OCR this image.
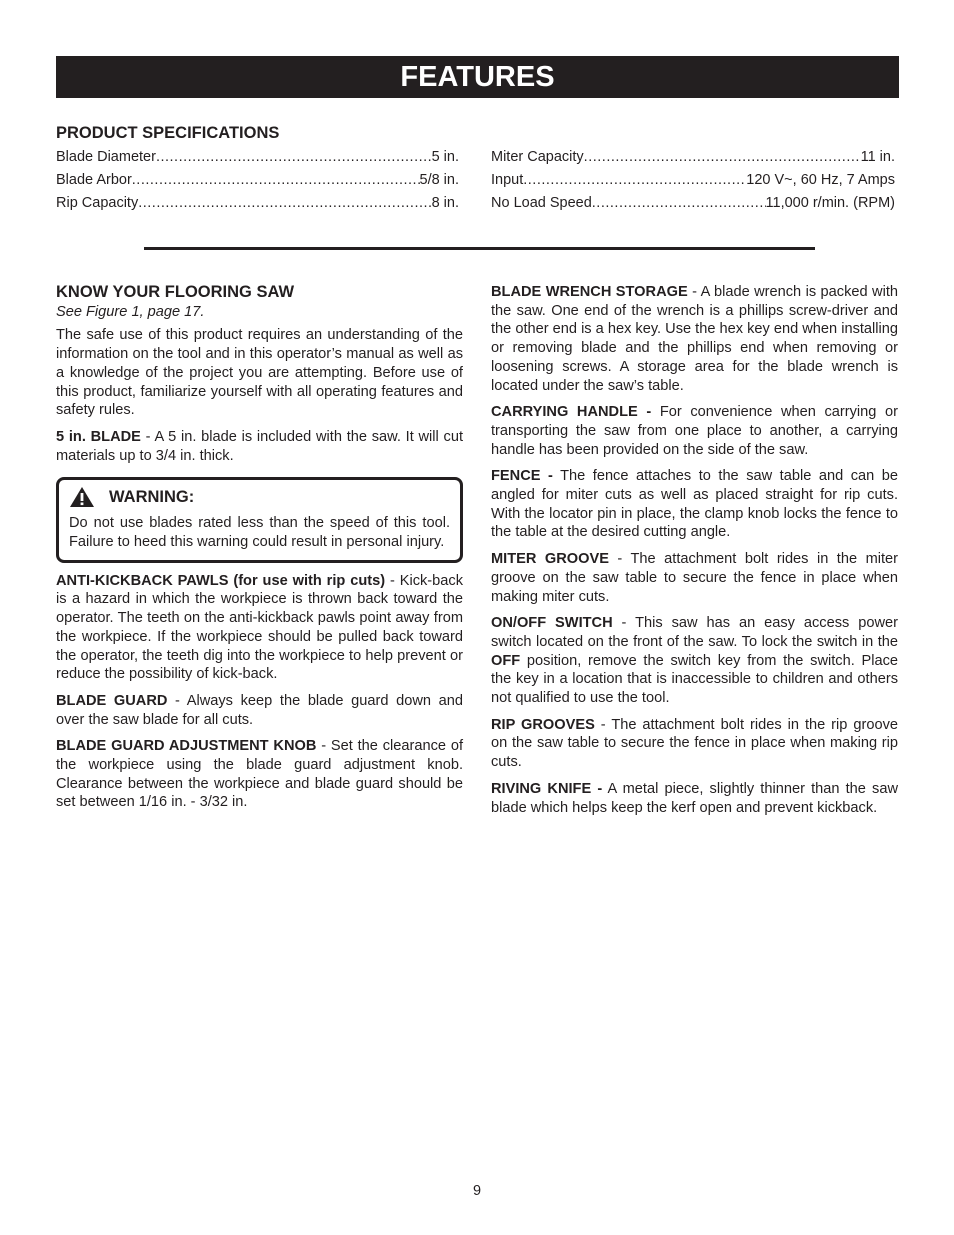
FEATURES
PRODUCT SPECIFICATIONS
Blade Diameter .....	5 in.
Blade Arbor .....	5/8 in.
Rip Capacity .....	8 in.
Miter Capacity .....	11 in.
Input .....	120 V~, 60 Hz, 7 Amps
No Load Speed .....	11,000 r/min. (RPM)
KNOW YOUR FLOORING SAW
See Figure 1, page 17.

The safe use of this product requires an understanding of the information on the tool and in this operator’s manual as well as a knowledge of the project you are attempting. Before use of this product, familiarize yourself with all operating features and safety rules.

5 in. BLADE - A 5 in. blade is included with the saw. It will cut materials up to 3/4 in. thick.

WARNING:
Do not use blades rated less than the speed of this tool. Failure to heed this warning could result in personal injury.

ANTI-KICKBACK PAWLS (for use with rip cuts) - Kick-back is a hazard in which the workpiece is thrown back toward the operator. The teeth on the anti-kickback pawls point away from the workpiece. If the workpiece should be pulled back toward the operator, the teeth dig into the workpiece to help prevent or reduce the possibility of kick-back.

BLADE GUARD - Always keep the blade guard down and over the saw blade for all cuts.

BLADE GUARD ADJUSTMENT KNOB - Set the clearance of the workpiece using the blade guard adjustment knob. Clearance between the workpiece and blade guard should be set between 1/16 in. - 3/32 in.

BLADE WRENCH STORAGE - A blade wrench is packed with the saw. One end of the wrench is a phillips screw-driver and the other end is a hex key. Use the hex key end when installing or removing blade and the phillips end when removing or loosening screws. A storage area for the blade wrench is located under the saw’s table.

CARRYING HANDLE - For convenience when carrying or transporting the saw from one place to another, a carrying handle has been provided on the side of the saw.

FENCE - The fence attaches to the saw table and can be angled for miter cuts as well as placed straight for rip cuts. With the locator pin in place, the clamp knob locks the fence to the table at the desired cutting angle.

MITER GROOVE - The attachment bolt rides in the miter groove on the saw table to secure the fence in place when making miter cuts.

ON/OFF SWITCH - This saw has an easy access power switch located on the front of the saw. To lock the switch in the OFF position, remove the switch key from the switch. Place the key in a location that is inaccessible to children and others not qualified to use the tool.

RIP GROOVES - The attachment bolt rides in the rip groove on the saw table to secure the fence in place when making rip cuts.

RIVING KNIFE - A metal piece, slightly thinner than the saw blade which helps keep the kerf open and prevent kickback.

9
